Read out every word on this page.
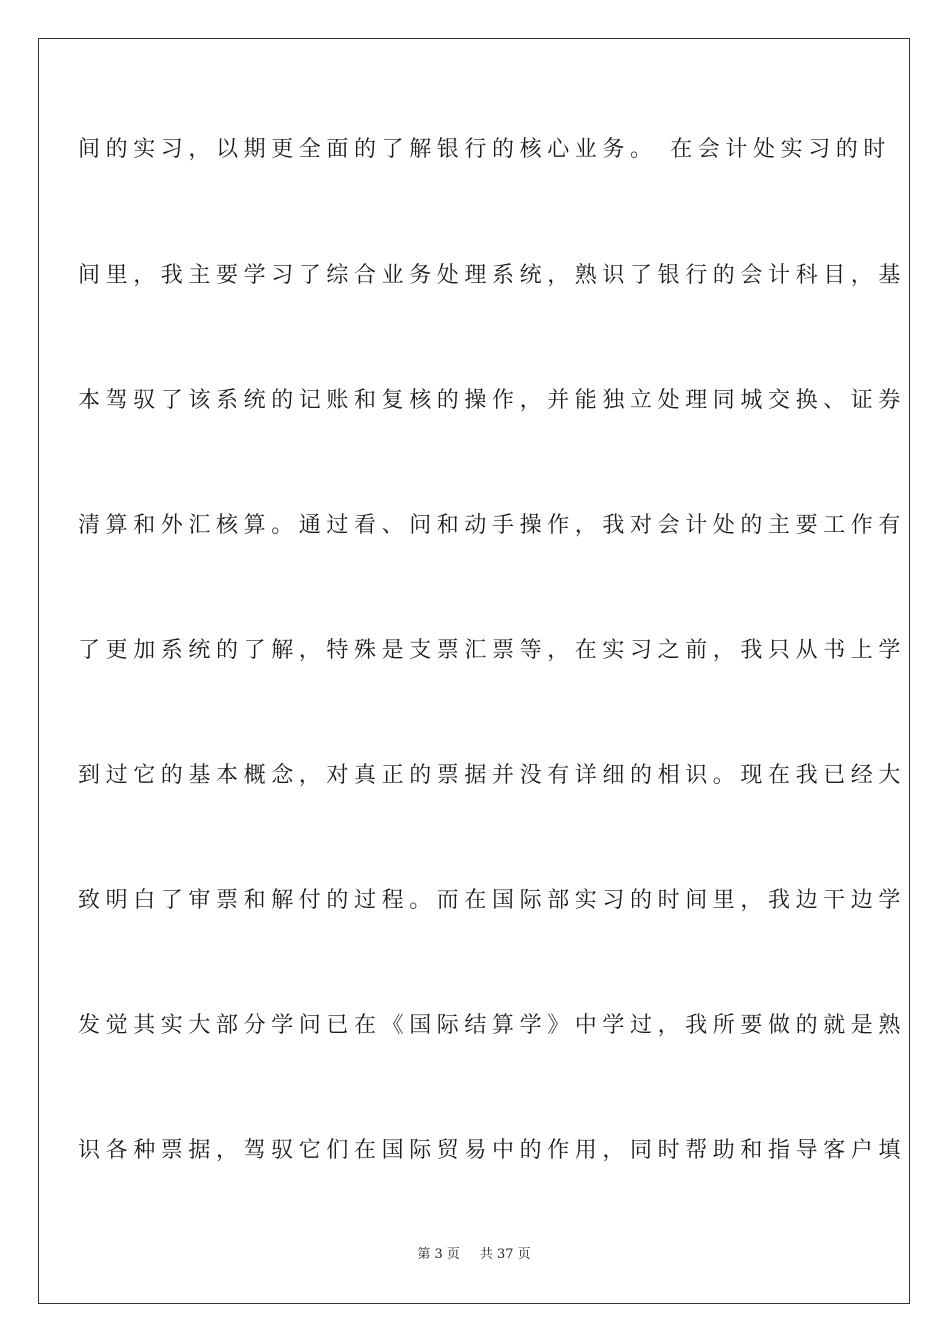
间的实习，以期更全面的了解银行的核心业务。 在会计处实习的时
间里，我主要学习了综合业务处理系统，熟识了银行的会计科目，基
本驾驭了该系统的记账和复核的操作，并能独立处理同城交换、证券
清算和外汇核算。通过看、问和动手操作，我对会计处的主要工作有
了更加系统的了解，特殊是支票汇票等，在实习之前，我只从书上学
到过它的基本概念，对真正的票据并没有详细的相识。现在我已经大
致明白了审票和解付的过程。而在国际部实习的时间里，我边干边学
发觉其实大部分学问已在《国际结算学》中学过，我所要做的就是熟
识各种票据，驾驭它们在国际贸易中的作用，同时帮助和指导客户填
第 3 页 共 37 页
